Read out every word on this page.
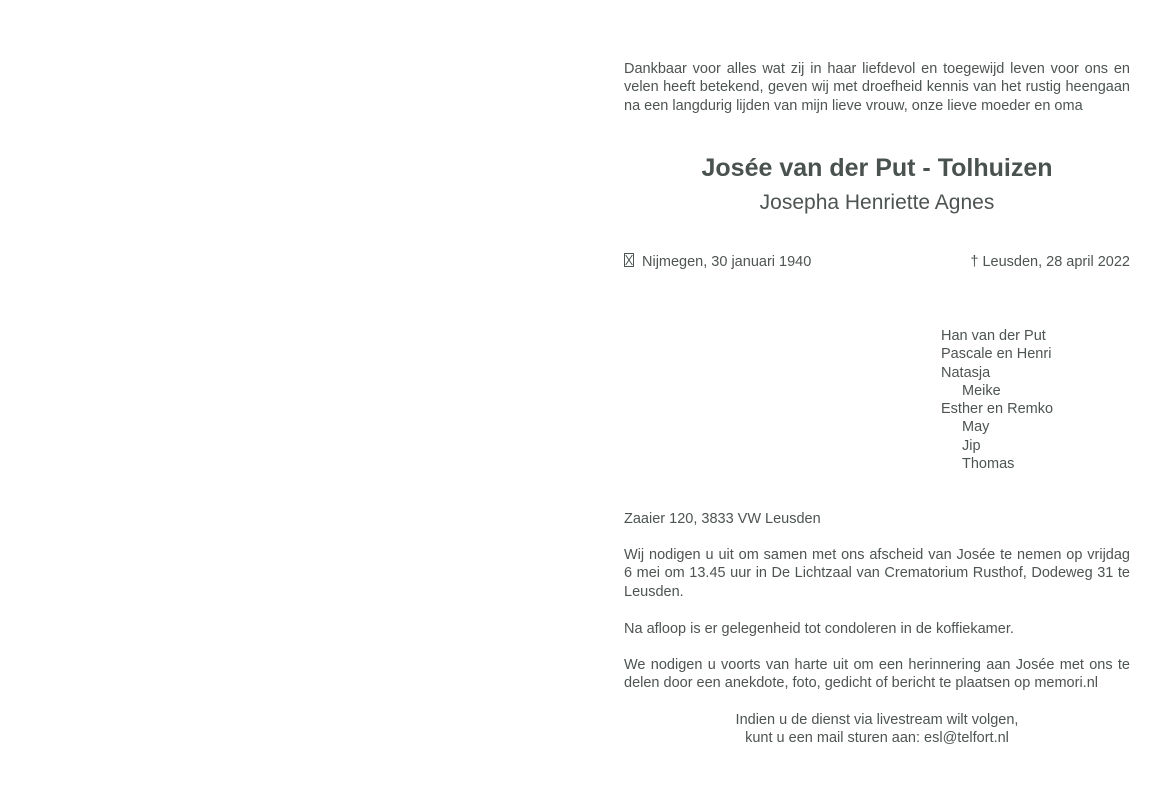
Dankbaar voor alles wat zij in haar liefdevol en toegewijd leven voor ons en velen heeft betekend, geven wij met droefheid kennis van het rustig heengaan na een langdurig lijden van mijn lieve vrouw, onze lieve moeder en oma
Josée van der Put - Tolhuizen
Josepha Henriette Agnes
Nijmegen, 30 januari 1940	† Leusden, 28 april 2022
Han van der Put
Pascale en Henri
Natasja
Meike
Esther en Remko
May
Jip
Thomas
Zaaier 120, 3833 VW Leusden
Wij nodigen u uit om samen met ons afscheid van Josée te nemen op vrijdag 6 mei om 13.45 uur in De Lichtzaal van Crematorium Rusthof, Dodeweg 31 te Leusden.
Na afloop is er gelegenheid tot condoleren in de koffiekamer.
We nodigen u voorts van harte uit om een herinnering aan Josée met ons te delen door een anekdote, foto, gedicht of bericht te plaatsen op memori.nl
Indien u de dienst via livestream wilt volgen,
kunt u een mail sturen aan: esl@telfort.nl
